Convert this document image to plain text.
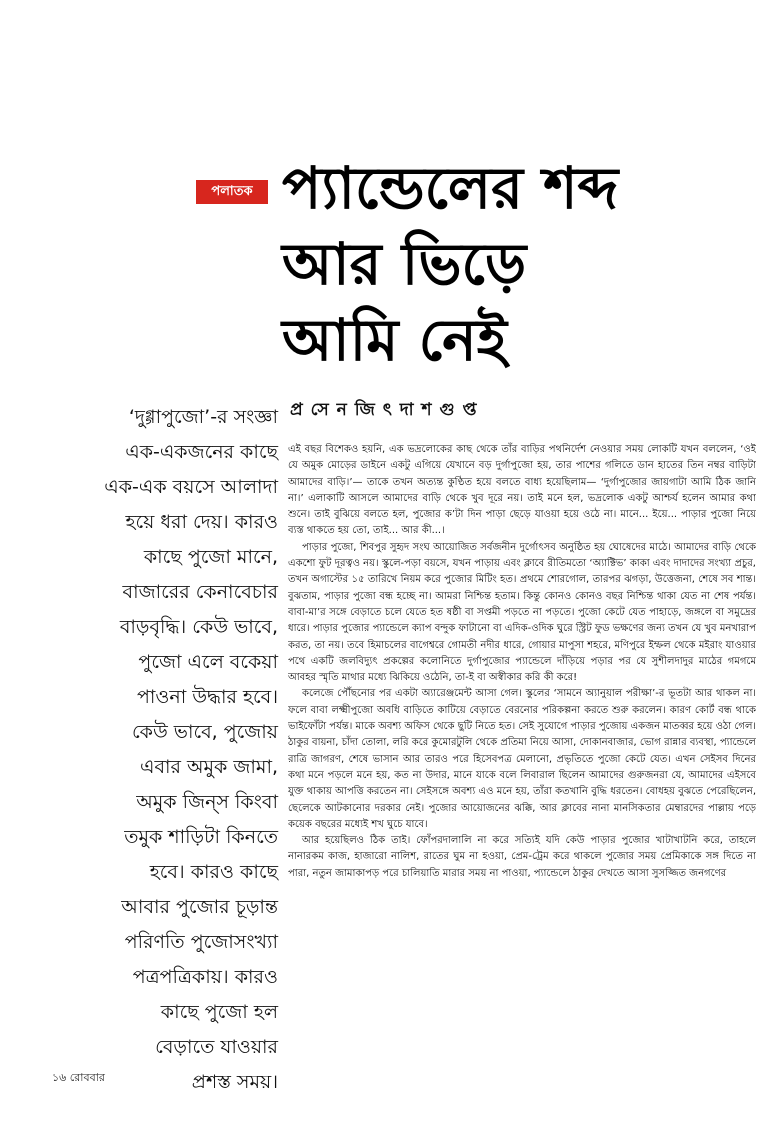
পলাতক প্যান্ডেলের শব্দ
আর ভিড়ে
আমি নেই
প্র সে ন জি ৎ দা শ গু প্ত
‘দুগ্গাপুজো’-র সংজ্ঞা
এক-একজনের কাছে
এক-এক বয়সে আলাদা
হয়ে ধরা দেয়। কারও
কাছে পুজো মানে,
বাজারের কেনাবেচার
বাড়বৃদ্ধি। কেউ ভাবে,
পুজো এলে বকেয়া
পাওনা উদ্ধার হবে।
কেউ ভাবে, পুজোয়
এবার অমুক জামা,
অমুক জিন্‌স কিংবা
তমুক শাড়িটা কিনতে
হবে। কারও কাছে
আবার পুজোর চূড়ান্ত
পরিণতি পুজোসংখ্যা
পত্রপত্রিকায়। কারও
কাছে পুজো হল
বেড়াতে যাওয়ার
প্রশস্ত সময়।

এই বছর বিশেকও হয়নি, এক ভদ্রলোকের কাছ থেকে তাঁর বাড়ির পথনির্দেশ নেওয়ার সময় লোকটি যখন বললেন, ‘ওই যে অমুক মোড়ের ডাইনে একটু এগিয়ে যেখানে বড় দুর্গাপুজো হয়, তার পাশের গলিতে ডান হাতের তিন নম্বর বাড়িটা আমাদের বাড়ি।’— তাকে তখন অত্যন্ত কুণ্ঠিত হয়ে বলতে বাধ্য হয়েছিলাম— ‘দুর্গাপুজোর জায়গাটা আমি ঠিক জানি না।’ এলাকাটি আসলে আমাদের বাড়ি থেকে খুব দূরে নয়। তাই মনে হল, ভদ্রলোক একটু আশ্চর্য হলেন আমার কথা শুনে। তাই বুঝিয়ে বলতে হল, পুজোর ক’টা দিন পাড়া ছেড়ে যাওয়া হয়ে ওঠে না। মানে... ইয়ে... পাড়ার পুজো নিয়ে ব্যস্ত থাকতে হয় তো, তাই... আর কী...।

পাড়ার পুজো, শিবপুর সুহৃদ সংঘ আয়োজিত সর্বজনীন দুর্গোৎসব অনুষ্ঠিত হয় ঘোষেদের মাঠে। আমাদের বাড়ি থেকে একশো ফুট দূরত্বও নয়। স্কুলে-পড়া বয়সে, যখন পাড়ায় এবং ক্লাবে রীতিমতো ‘অ্যাক্টিভ’ কাকা এবং দাদাদের সংখ্যা প্রচুর, তখন অগাস্টের ১৫ তারিখে নিয়ম করে পুজোর মিটিং হত। প্রথমে শোরগোল, তারপর ঝগড়া, উত্তেজনা, শেষে সব শান্ত। বুঝতাম, পাড়ার পুজো বন্ধ হচ্ছে না। আমরা নিশ্চিন্ত হতাম। কিন্তু কোনও কোনও বছর নিশ্চিন্ত থাকা যেত না শেষ পর্যন্ত। বাবা-মা’র সঙ্গে বেড়াতে চলে যেতে হত ষষ্ঠী বা সপ্তমী পড়তে না পড়তে। পুজো কেটে যেত পাহাড়ে, জঙ্গলে বা সমুদ্রের ধারে। পাড়ার পুজোর প্যান্ডেলে ক্যাপ বন্দুক ফাটানো বা এদিক-ওদিক ঘুরে স্ট্রিট ফুড ভক্ষণের জন্য তখন যে খুব মনখারাপ করত, তা নয়। তবে হিমাচলের বাগেশ্বরে গোমতী নদীর ধারে, গোয়ার মাপুসা শহরে, মণিপুরে ইম্ফল থেকে মইরাং যাওয়ার পথে একটি জলবিদ্যুৎ প্রকল্পের কলোনিতে দুর্গাপুজোর প্যান্ডেলে দাঁড়িয়ে পড়ার পর যে সুশীলদাদুর মাঠের গমগমে আবহর স্মৃতি মাথার মধ্যে ঝিকিয়ে ওঠেনি, তা-ই বা অস্বীকার করি কী করে!

কলেজে পৌঁছনোর পর একটা অ্যারেঞ্জমেন্ট আসা গেল। স্কুলের ‘সামনে অ্যানুয়াল পরীক্ষা’-র ভূতটা আর থাকল না। ফলে বাবা লক্ষ্মীপুজো অবধি বাড়িতে কাটিয়ে বেড়াতে বেরনোর পরিকল্পনা করতে শুরু করলেন। কারণ কোর্ট বন্ধ থাকে ভাইফোঁটা পর্যন্ত। মাকে অবশ্য অফিস থেকে ছুটি নিতে হত। সেই সুযোগে পাড়ার পুজোয় একজন মাতব্বর হয়ে ওঠা গেল। ঠাকুর বায়না, চাঁদা তোলা, লরি করে কুমোরটুলি থেকে প্রতিমা নিয়ে আসা, দোকানবাজার, ভোগ রান্নার ব্যবস্থা, প্যান্ডেলে রাত্রি জাগরণ, শেষে ভাসান আর তারও পরে হিসেবপত্র মেলানো, প্রভৃতিতে পুজো কেটে যেত। এখন সেইসব দিনের কথা মনে পড়লে মনে হয়, কত না উদার, মানে যাকে বলে লিবারাল ছিলেন আমাদের গুরুজনরা যে, আমাদের এইসবে যুক্ত থাকায় আপত্তি করতেন না। সেইসঙ্গে অবশ্য এও মনে হয়, তাঁরা কতখানি বুদ্ধি ধরতেন। বোধহয় বুঝতে পেরেছিলেন, ছেলেকে আটকানোর দরকার নেই। পুজোর আয়োজনের ঝক্কি, আর ক্লাবের নানা মানসিকতার মেম্বারদের পাল্লায় পড়ে কয়েক বছরের মধ্যেই শখ ঘুচে যাবে।

আর হয়েছিলও ঠিক তাই। ফোঁপরদালালি না করে সত্যিই যদি কেউ পাড়ার পুজোর খাটাখাটনি করে, তাহলে নানারকম কাজ, হাজারো নালিশ, রাতের ঘুম না হওয়া, প্রেম-ট্রেম করে থাকলে পুজোর সময় প্রেমিকাকে সঙ্গ দিতে না পারা, নতুন জামাকাপড় পরে চালিয়াতি মারার সময় না পাওয়া, প্যান্ডেলে ঠাকুর দেখতে আসা সুসজ্জিত জনগণের

১৬ রোববার
